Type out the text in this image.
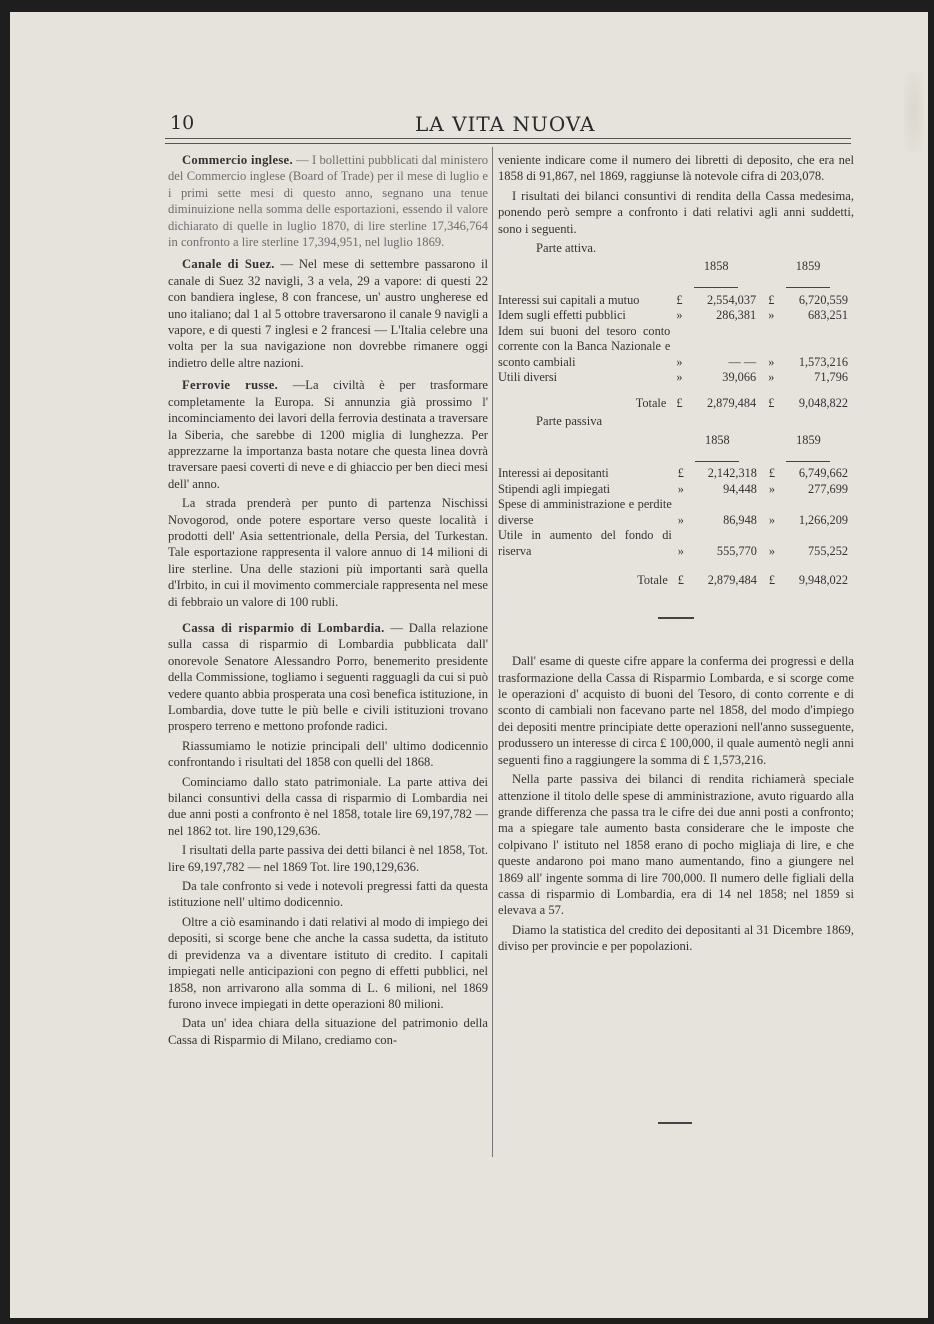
10	LA VITA NUOVA

Commercio inglese. — I bollettini pubblicati dal ministero del Commercio inglese (Board of Trade) per il mese di luglio e i primi sette mesi di questo anno, segnano una tenue diminuizione nella somma delle esportazioni, essendo il valore dichiarato di quelle in luglio 1870, di lire sterline 17,346,764 in confronto a lire sterline 17,394,951, nel luglio 1869.

Canale di Suez. — Nel mese di settembre passarono il canale di Suez 32 navigli, 3 a vela, 29 a vapore: di questi 22 con bandiera inglese, 8 con francese, un' austro ungherese ed uno italiano; dal 1 al 5 ottobre traversarono il canale 9 navigli a vapore, e di questi 7 inglesi e 2 francesi — L'Italia celebre una volta per la sua navigazione non dovrebbe rimanere oggi indietro delle altre nazioni.

Ferrovie russe. —La civiltà è per trasformare completamente la Europa. Si annunzia già prossimo l' incominciamento dei lavori della ferrovia destinata a traversare la Siberia, che sarebbe di 1200 miglia di lunghezza. Per apprezzarne la importanza basta notare che questa linea dovrà traversare paesi coverti di neve e di ghiaccio per ben dieci mesi dell' anno.

La strada prenderà per punto di partenza Nischissi Novogorod, onde potere esportare verso queste località i prodotti dell' Asia settentrionale, della Persia, del Turkestan. Tale esportazione rappresenta il valore annuo di 14 milioni di lire sterline. Una delle stazioni più importanti sarà quella d'Irbito, in cui il movimento commerciale rappresenta nel mese di febbraio un valore di 100 rubli.

Cassa di risparmio di Lombardia. — Dalla relazione sulla cassa di risparmio di Lombardia pubblicata dall' onorevole Senatore Alessandro Porro, benemerito presidente della Commissione, togliamo i seguenti ragguagli da cui si può vedere quanto abbia prosperata una così benefica istituzione, in Lombardia, dove tutte le più belle e civili istituzioni trovano prospero terreno e mettono profonde radici.

Riassumiamo le notizie principali dell' ultimo dodicennio confrontando i risultati del 1858 con quelli del 1868.

Cominciamo dallo stato patrimoniale. La parte attiva dei bilanci consuntivi della cassa di risparmio di Lombardia nei due anni posti a confronto è nel 1858, totale lire 69,197,782 — nel 1862 tot. lire 190,129,636.

I risultati della parte passiva dei detti bilanci è nel 1858, Tot. lire 69,197,782 — nel 1869 Tot. lire 190,129,636.

Da tale confronto si vede i notevoli pregressi fatti da questa istituzione nell' ultimo dodicennio.

Oltre a ciò esaminando i dati relativi al modo di impiego dei depositi, si scorge bene che anche la cassa sudetta, da istituto di previdenza va a diventare istituto di credito. I capitali impiegati nelle anticipazioni con pegno di effetti pubblici, nel 1858, non arrivarono alla somma di L. 6 milioni, nel 1869 furono invece impiegati in dette operazioni 80 milioni.

Data un' idea chiara della situazione del patrimonio della Cassa di Risparmio di Milano, crediamo con-

veniente indicare come il numero dei libretti di deposito, che era nel 1858 di 91,867, nel 1869, raggiunse là notevole cifra di 203,078.

I risultati dei bilanci consuntivi di rendita della Cassa medesima, ponendo però sempre a confronto i dati relativi agli anni suddetti, sono i seguenti.

Parte attiva.

	1858		1859	

Interessi sui capitali a mutuo	£	2,554,037	£	6,720,559
Idem sugli effetti pubblici	»	286,381	»	683,251
Idem sui buoni del tesoro conto corrente con la Banca Nazionale e sconto cambiali	»	— —	»	1,573,216
Utili diversi	»	39,066	»	71,796
Totale	£	2,879,484	£	9,048,822

Parte passiva

	1858		1859	

Interessi ai depositanti	£	2,142,318	£	6,749,662
Stipendi agli impiegati	»	94,448	»	277,699
Spese di amministrazione e perdite diverse	»	86,948	»	1,266,209
Utile in aumento del fondo di riserva	»	555,770	»	755,252
Totale	£	2,879,484	£	9,948,022

Dall' esame di queste cifre appare la conferma dei progressi e della trasformazione della Cassa di Risparmio Lombarda, e si scorge come le operazioni d' acquisto di buoni del Tesoro, di conto corrente e di sconto di cambiali non facevano parte nel 1858, del modo d'impiego dei depositi mentre principiate dette operazioni nell'anno susseguente, produssero un interesse di circa £ 100,000, il quale aumentò negli anni seguenti fino a raggiungere la somma di £ 1,573,216.

Nella parte passiva dei bilanci di rendita richiamerà speciale attenzione il titolo delle spese di amministrazione, avuto riguardo alla grande differenza che passa tra le cifre dei due anni posti a confronto; ma a spiegare tale aumento basta considerare che le imposte che colpivano l' istituto nel 1858 erano di pocho migliaja di lire, e che queste andarono poi mano mano aumentando, fino a giungere nel 1869 all' ingente somma di lire 700,000. Il numero delle figliali della cassa di risparmio di Lombardia, era di 14 nel 1858; nel 1859 si elevava a 57.

Diamo la statistica del credito dei depositanti al 31 Dicembre 1869, diviso per provincie e per popolazioni.
